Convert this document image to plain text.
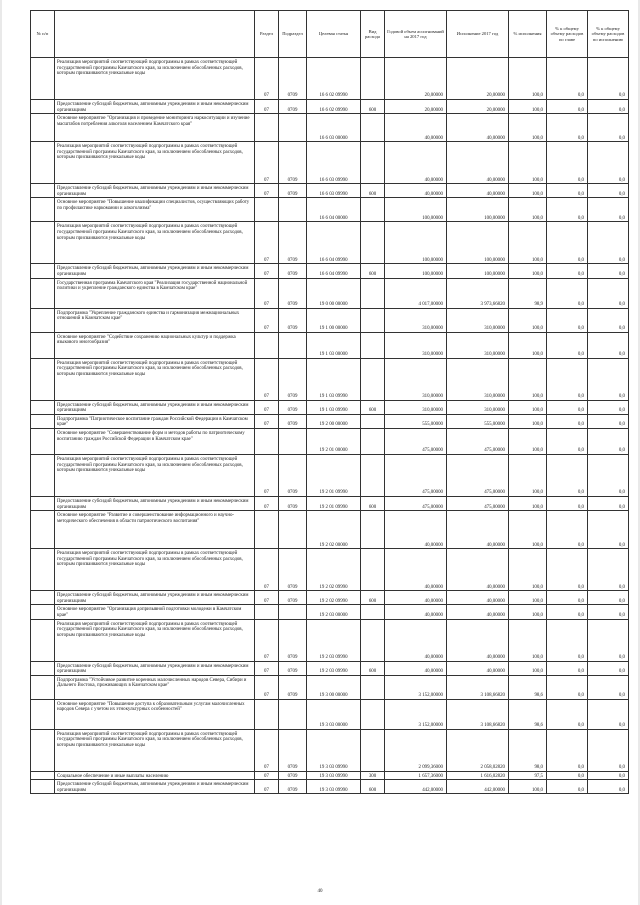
№ п/п		Раздел	Подраздел	Целевая статья	Вид расхода	Годовой объем ассигнований на 2017 год	Исполнение 2017 год	% исполнения	% к общему объему расходов по главе	% к общему объему расходов по исполнению
	Реализация мероприятий соответствующей подпрограммы в рамках соответствующей государственной программы Камчатского края, за исключением обособленных расходов, которым присваиваются уникальные коды	07	0709	16 6 02 09990		20,00000	20,00000	100,0	0,0	0,0
	Предоставление субсидий бюджетным, автономным учреждениям и иным некоммерческим организациям	07	0709	16 6 02 09990	600	20,00000	20,00000	100,0	0,0	0,0
	Основное мероприятие "Организация и проведение мониторинга наркоситуации и изучение масштабов потребления алкоголя населением Камчатского края"			16 6 03 00000		40,00000	40,00000	100,0	0,0	0,0
	Реализация мероприятий соответствующей подпрограммы в рамках соответствующей государственной программы Камчатского края, за исключением обособленных расходов, которым присваиваются уникальные коды	07	0709	16 6 03 09990		40,00000	40,00000	100,0	0,0	0,0
	Предоставление субсидий бюджетным, автономным учреждениям и иным некоммерческим организациям	07	0709	16 6 03 09990	600	40,00000	40,00000	100,0	0,0	0,0
	Основное мероприятие "Повышение квалификации специалистов, осуществляющих работу по профилактике наркомании и алкоголизма"			16 6 04 00000		100,00000	100,00000	100,0	0,0	0,0
	Реализация мероприятий соответствующей подпрограммы в рамках соответствующей государственной программы Камчатского края, за исключением обособленных расходов, которым присваиваются уникальные коды	07	0709	16 6 04 09990		100,00000	100,00000	100,0	0,0	0,0
	Предоставление субсидий бюджетным, автономным учреждениям и иным некоммерческим организациям	07	0709	16 6 04 09990	600	100,00000	100,00000	100,0	0,0	0,0
	Государственная программа Камчатского края "Реализация государственной национальной политики и укрепление гражданского единства в Камчатском крае"	07	0709	19 0 00 00000		4 017,00000	3 973,66820	98,9	0,0	0,0
	Подпрограмма "Укрепление гражданского единства и гармонизация межнациональных отношений в Камчатском крае"	07	0709	19 1 00 00000		310,00000	310,00000	100,0	0,0	0,0
	Основное мероприятие "Содействие сохранению национальных культур и поддержка языкового многообразия"			19 1 03 00000		310,00000	310,00000	100,0	0,0	0,0
	Реализация мероприятий соответствующей подпрограммы в рамках соответствующей государственной программы Камчатского края, за исключением обособленных расходов, которым присваиваются уникальные коды	07	0709	19 1 03 09990		310,00000	310,00000	100,0	0,0	0,0
	Предоставление субсидий бюджетным, автономным учреждениям и иным некоммерческим организациям	07	0709	19 1 03 09990	600	310,00000	310,00000	100,0	0,0	0,0
	Подпрограмма "Патриотическое воспитание граждан Российской Федерации в Камчатском крае"	07	0709	19 2 00 00000		555,00000	555,00000	100,0	0,0	0,0
	Основное мероприятие "Совершенствование форм и методов работы по патриотическому воспитанию граждан Российской Федерации в Камчатском крае"			19 2 01 00000		475,00000	475,00000	100,0	0,0	0,0
	Реализация мероприятий соответствующей подпрограммы в рамках соответствующей государственной программы Камчатского края, за исключением обособленных расходов, которым присваиваются уникальные коды	07	0709	19 2 01 09990		475,00000	475,00000	100,0	0,0	0,0
	Предоставление субсидий бюджетным, автономным учреждениям и иным некоммерческим организациям	07	0709	19 2 01 09990	600	475,00000	475,00000	100,0	0,0	0,0
	Основное мероприятие "Развитие и совершенствование информационного и научно-методического обеспечения в области патриотического воспитания"			19 2 02 00000		40,00000	40,00000	100,0	0,0	0,0
	Реализация мероприятий соответствующей подпрограммы в рамках соответствующей государственной программы Камчатского края, за исключением обособленных расходов, которым присваиваются уникальные коды	07	0709	19 2 02 09990		40,00000	40,00000	100,0	0,0	0,0
	Предоставление субсидий бюджетным, автономным учреждениям и иным некоммерческим организациям	07	0709	19 2 02 09990	600	40,00000	40,00000	100,0	0,0	0,0
	Основное мероприятие "Организация допризывной подготовки молодежи в Камчатском крае"			19 2 03 00000		40,00000	40,00000	100,0	0,0	0,0
	Реализация мероприятий соответствующей подпрограммы в рамках соответствующей государственной программы Камчатского края, за исключением обособленных расходов, которым присваиваются уникальные коды	07	0709	19 2 03 09990		40,00000	40,00000	100,0	0,0	0,0
	Предоставление субсидий бюджетным, автономным учреждениям и иным некоммерческим организациям	07	0709	19 2 03 09990	600	40,00000	40,00000	100,0	0,0	0,0
	Подпрограмма "Устойчивое развитие коренных малочисленных народов Севера, Сибири и Дальнего Востока, проживающих в Камчатском крае"	07	0709	19 3 00 00000		3 152,00000	3 108,66820	98,6	0,0	0,0
	Основное мероприятие "Повышение доступа к образовательным услугам малочисленных народов Севера с учетом их этнокультурных особенностей"			19 3 03 00000		3 152,00000	3 108,66820	98,6	0,0	0,0
	Реализация мероприятий соответствующей подпрограммы в рамках соответствующей государственной программы Камчатского края, за исключением обособленных расходов, которым присваиваются уникальные коды	07	0709	19 3 03 09990		2 099,36000	2 058,02820	98,0	0,0	0,0
	Социальное обеспечение и иные выплаты населению	07	0709	19 3 03 09990	300	1 657,36000	1 616,02820	97,5	0,0	0,0
	Предоставление субсидий бюджетным, автономным учреждениям и иным некоммерческим организациям	07	0709	19 3 03 09990	600	442,00000	442,00000	100,0	0,0	0,0
40
